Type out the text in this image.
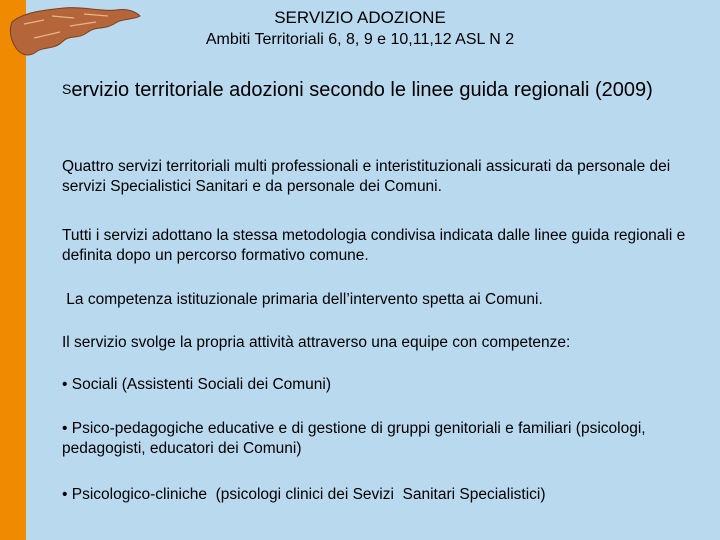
SERVIZIO ADOZIONE
Ambiti Territoriali 6, 8, 9 e 10,11,12 ASL N 2
Servizio territoriale adozioni secondo le linee guida regionali (2009)
Quattro servizi territoriali multi professionali e interistituzionali assicurati da personale dei servizi Specialistici Sanitari e da personale dei Comuni.
Tutti i servizi adottano la stessa metodologia condivisa indicata dalle linee guida regionali e definita dopo un percorso formativo comune.
La competenza istituzionale primaria dell’intervento spetta ai Comuni.
Il servizio svolge la propria attività attraverso una equipe con competenze:
• Sociali (Assistenti Sociali dei Comuni)
• Psico-pedagogiche educative e di gestione di gruppi genitoriali e familiari (psicologi, pedagogisti, educatori dei Comuni)
• Psicologico-cliniche  (psicologi clinici dei Sevizi  Sanitari Specialistici)
